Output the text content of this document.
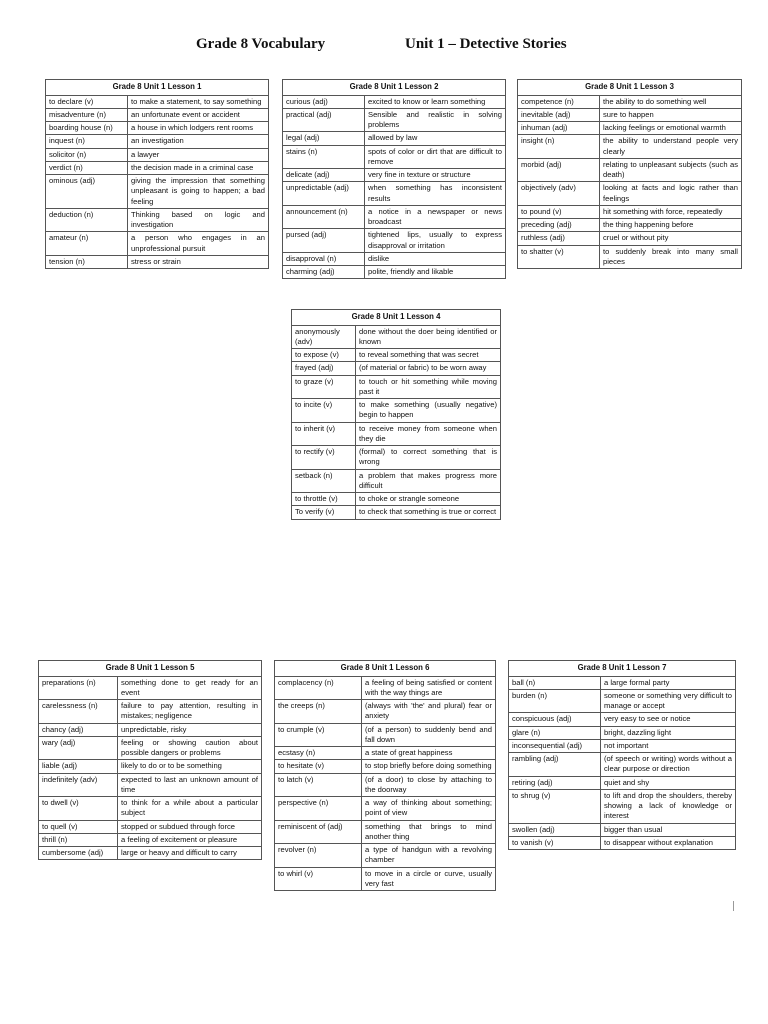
Grade 8 Vocabulary	Unit 1 – Detective Stories
Grade 8 Unit 1 Lesson 1	
to declare (v)	to make a statement, to say something
misadventure (n)	an unfortunate event or accident
boarding house (n)	a house in which lodgers rent rooms
inquest (n)	an investigation
solicitor (n)	a lawyer
verdict (n)	the decision made in a criminal case
ominous (adj)	giving the impression that something unpleasant is going to happen; a bad feeling
deduction (n)	Thinking based on logic and investigation
amateur (n)	a person who engages in an unprofessional pursuit
tension (n)	stress or strain
Grade 8 Unit 1 Lesson 2	
curious (adj)	excited to know or learn something
practical (adj)	Sensible and realistic in solving problems
legal (adj)	allowed by law
stains (n)	spots of color or dirt that are difficult to remove
delicate (adj)	very fine in texture or structure
unpredictable (adj)	when something has inconsistent results
announcement (n)	a notice in a newspaper or news broadcast
pursed (adj)	tightened lips, usually to express disapproval or irritation
disapproval (n)	dislike
charming (adj)	polite, friendly and likable
Grade 8 Unit 1 Lesson 3	
competence (n)	the ability to do something well
inevitable (adj)	sure to happen
inhuman (adj)	lacking feelings or emotional warmth
insight (n)	the ability to understand people very clearly
morbid (adj)	relating to unpleasant subjects (such as death)
objectively (adv)	looking at facts and logic rather than feelings
to pound (v)	hit something with force, repeatedly
preceding (adj)	the thing happening before
ruthless (adj)	cruel or without pity
to shatter (v)	to suddenly break into many small pieces
Grade 8 Unit 1 Lesson 4	
anonymously (adv)	done without the doer being identified or known
to expose (v)	to reveal something that was secret
frayed (adj)	(of material or fabric) to be worn away
to graze (v)	to touch or hit something while moving past it
to incite (v)	to make something (usually negative) begin to happen
to inherit (v)	to receive money from someone when they die
to rectify (v)	(formal) to correct something that is wrong
setback (n)	a problem that makes progress more difficult
to throttle (v)	to choke or strangle someone
To verify (v)	to check that something is true or correct
Grade 8 Unit 1 Lesson 5	
preparations (n)	something done to get ready for an event
carelessness (n)	failure to pay attention, resulting in mistakes; negligence
chancy (adj)	unpredictable, risky
wary (adj)	feeling or showing caution about possible dangers or problems
liable (adj)	likely to do or to be something
indefinitely (adv)	expected to last an unknown amount of time
to dwell (v)	to think for a while about a particular subject
to quell (v)	stopped or subdued through force
thrill (n)	a feeling of excitement or pleasure
cumbersome (adj)	large or heavy and difficult to carry
Grade 8 Unit 1 Lesson 6	
complacency (n)	a feeling of being satisfied or content with the way things are
the creeps (n)	(always with 'the' and plural) fear or anxiety
to crumple (v)	(of a person) to suddenly bend and fall down
ecstasy (n)	a state of great happiness
to hesitate (v)	to stop briefly before doing something
to latch (v)	(of a door) to close by attaching to the doorway
perspective (n)	a way of thinking about something; point of view
reminiscent of (adj)	something that brings to mind another thing
revolver (n)	a type of handgun with a revolving chamber
to whirl (v)	to move in a circle or curve, usually very fast
Grade 8 Unit 1 Lesson 7	
ball (n)	a large formal party
burden (n)	someone or something very difficult to manage or accept
conspicuous (adj)	very easy to see or notice
glare (n)	bright, dazzling light
inconsequential (adj)	not important
rambling (adj)	(of speech or writing) words without a clear purpose or direction
retiring (adj)	quiet and shy
to shrug (v)	to lift and drop the shoulders, thereby showing a lack of knowledge or interest
swollen (adj)	bigger than usual
to vanish (v)	to disappear without explanation
